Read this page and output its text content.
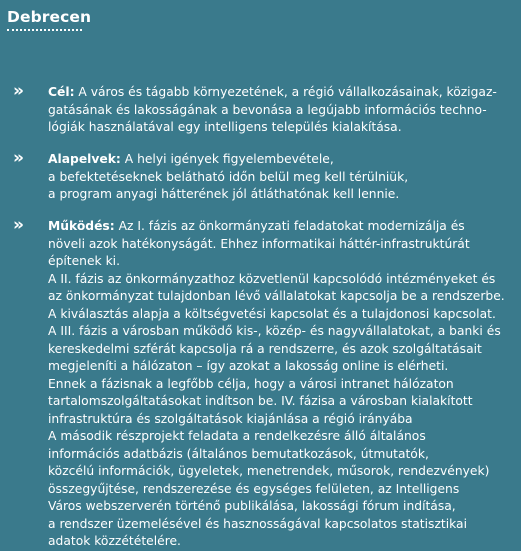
Debrecen
» Cél: A város és tágabb környezetének, a régió vállalkozásainak, közigaz-
gatásának és lakosságának a bevonása a legújabb információs techno-
lógiák használatával egy intelligens település kialakítása.
» Alapelvek: A helyi igények figyelembevétele,
a befektetéseknek belátható időn belül meg kell térülniük,
a program anyagi hátterének jól átláthatónak kell lennie.
» Működés: Az I. fázis az önkormányzati feladatokat modernizálja és
növeli azok hatékonyságát. Ehhez informatikai háttér-infrastruktúrát
építenek ki.
A II. fázis az önkormányzathoz közvetlenül kapcsolódó intézményeket és
az önkormányzat tulajdonban lévő vállalatokat kapcsolja be a rendszerbe.
A kiválasztás alapja a költségvetési kapcsolat és a tulajdonosi kapcsolat.
A III. fázis a városban működő kis-, közép- és nagyvállalatokat, a banki és
kereskedelmi szférát kapcsolja rá a rendszerre, és azok szolgáltatásait
megjeleníti a hálózaton – így azokat a lakosság online is elérheti.
Ennek a fázisnak a legfőbb célja, hogy a városi intranet hálózaton
tartalomszolgáltatásokat indítson be. IV. fázisa a városban kialakított
infrastruktúra és szolgáltatások kiajánlása a régió irányába
A második részprojekt feladata a rendelkezésre álló általános
információs adatbázis (általános bemutatkozások, útmutatók,
közcélú információk, ügyeletek, menetrendek, műsorok, rendezvények)
összegyűjtése, rendszerezése és egységes felületen, az Intelligens
Város webszerverén történő publikálása, lakossági fórum indítása,
a rendszer üzemelésével és hasznosságával kapcsolatos statisztikai
adatok közzétételére.
